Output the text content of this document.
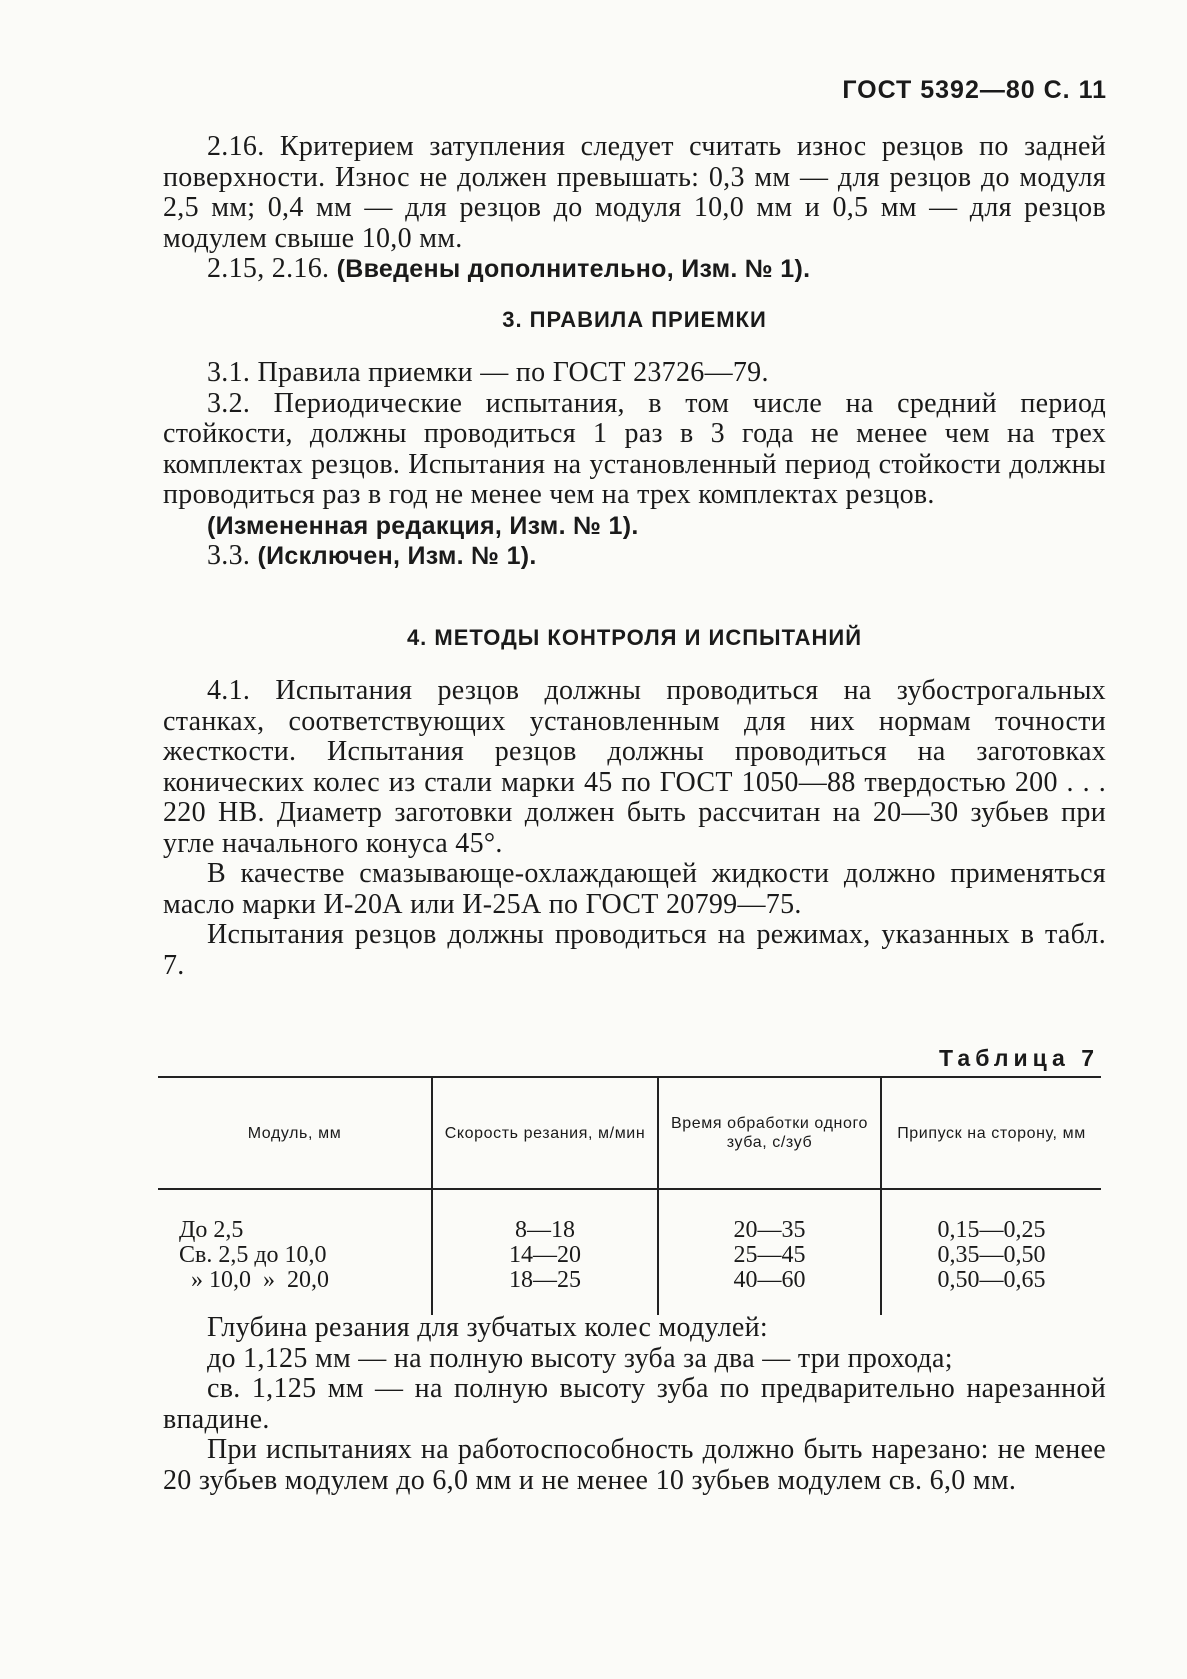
ГОСТ 5392—80 С. 11

2.16. Критерием затупления следует считать износ резцов по задней поверхности. Износ не должен превышать: 0,3 мм — для резцов до модуля 2,5 мм; 0,4 мм — для резцов до модуля 10,0 мм и 0,5 мм — для резцов модулем свыше 10,0 мм.

2.15, 2.16. (Введены дополнительно, Изм. № 1).

3. ПРАВИЛА ПРИЕМКИ

3.1. Правила приемки — по ГОСТ 23726—79.

3.2. Периодические испытания, в том числе на средний период стойкости, должны проводиться 1 раз в 3 года не менее чем на трех комплектах резцов. Испытания на установленный период стойкости должны проводиться раз в год не менее чем на трех комплектах резцов.

(Измененная редакция, Изм. № 1).

3.3. (Исключен, Изм. № 1).

4. МЕТОДЫ КОНТРОЛЯ И ИСПЫТАНИЙ

4.1. Испытания резцов должны проводиться на зубострогальных станках, соответствующих установленным для них нормам точности жесткости. Испытания резцов должны проводиться на заготовках конических колес из стали марки 45 по ГОСТ 1050—88 твердостью 200 . . . 220 HB. Диаметр заготовки должен быть рассчитан на 20—30 зубьев при угле начального конуса 45°.

В качестве смазывающе-охлаждающей жидкости должно применяться масло марки И-20А или И-25А по ГОСТ 20799—75.

Испытания резцов должны проводиться на режимах, указанных в табл. 7.

Таблица 7
Модуль, мм	Скорость резания, м/мин
Время обработки одного зуба, с/зуб
Припуск на сторону, мм
До 2,5
Св. 2,5 до 10,0
» 10,0  »  20,0
8—18
14—20
18—25
20—35
25—45
40—60
0,15—0,25
0,35—0,50
0,50—0,65

Глубина резания для зубчатых колес модулей:

до 1,125 мм — на полную высоту зуба за два — три прохода;

св. 1,125 мм — на полную высоту зуба по предварительно нарезанной впадине.

При испытаниях на работоспособность должно быть нарезано: не менее 20 зубьев модулем до 6,0 мм и не менее 10 зубьев модулем св. 6,0 мм.
